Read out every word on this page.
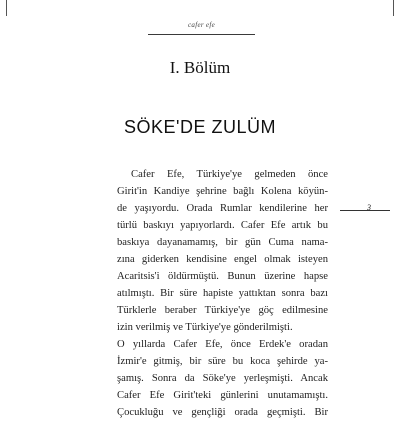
cafer efe
I. Bölüm
SÖKE'DE ZULÜM
3
Cafer Efe, Türkiye'ye gelmeden önce
Girit'in Kandiye şehrine bağlı Kolena köyün-
de yaşıyordu. Orada Rumlar kendilerine her
türlü baskıyı yapıyorlardı. Cafer Efe artık bu
baskıya dayanamamış, bir gün Cuma nama-
zına giderken kendisine engel olmak isteyen
Acaritsis'i öldürmüştü. Bunun üzerine hapse
atılmıştı. Bir süre hapiste yattıktan sonra bazı
Türklerle beraber Türkiye'ye göç edilmesine
izin verilmiş ve Türkiye'ye gönderilmişti.
O yıllarda Cafer Efe, önce Erdek'e oradan
İzmir'e gitmiş, bir süre bu koca şehirde ya-
şamış. Sonra da Söke'ye yerleşmişti. Ancak
Cafer Efe Girit'teki günlerini unutamamıştı.
Çocukluğu ve gençliği orada geçmişti. Bir
